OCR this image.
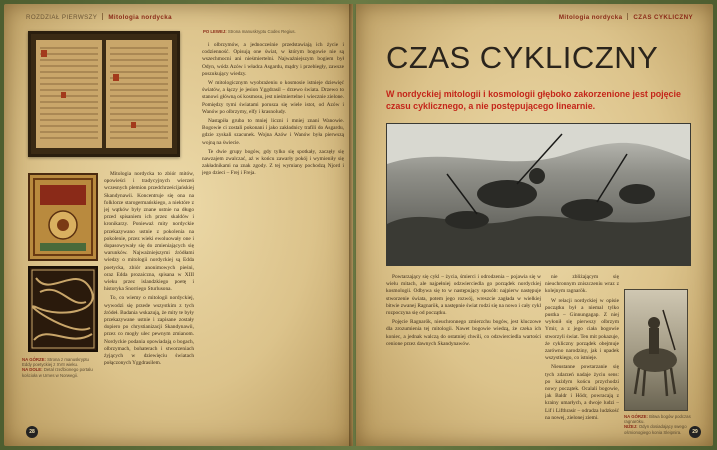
ROZDZIAŁ PIERWSZY Mitologia nordycka
PO LEWEJ: Strona manuskryptu Codex Regius.
NA GÓRZE: Strona z manuskryptu Eddy poetyckiej z XVII wieku.
NA DOLE: Detal rzeźbionego portalu kościoła w Urnes w Norwegii.

Mitologia nordycka to zbiór mitów, opowieści i tradycyjnych wierzeń wczesnych plemion przedchrześcijańskiej Skandynawii. Koncentruje się ona na folklorze starogermańskiego, a niektóre z jej wątków były znane ustnie na długo przed spisaniem ich przez skaldów i kronikarzy. Ponieważ mity nordyckie przekazywano ustnie z pokolenia na pokolenie, przez wieki ewoluowały one i dopasowywały się do zmieniających się warunków. Najważniejszymi źródłami wiedzy o mitologii nordyckiej są Edda poetycka, zbiór anonimowych pieśni, oraz Edda prozaiczna, spisana w XIII wieku przez islandzkiego poetę i historyka Snorriego Sturlusona.

To, co wiemy o mitologii nordyckiej, wywodzi się przede wszystkim z tych źródeł. Badania wskazują, że mity te były przekazywane ustnie i zapisane zostały dopiero po chrystianizacji Skandynawii, przez co mogły ulec pewnym zmianom. Nordyckie podania opowiadają o bogach, olbrzymach, bohaterach i stworzeniach żyjących w dziewięciu światach połączonych Yggdrasilem.

i olbrzymów, a jednocześnie przedstawiają ich życie i codzienność. Opisują one świat, w którym bogowie nie są wszechmocni ani nieśmiertelni. Najważniejszym bogiem był Odyn, wódz Azów i władca Asgardu, mądry i przebiegły, zawsze poszukujący wiedzy.

W mitologicznym wyobrażeniu o kosmosie istnieje dziewięć światów, a łączy je jesion Yggdrasil – drzewo świata. Drzewo to stanowi główną oś kosmosu, jest nieśmiertelne i wiecznie zielone. Pomiędzy tymi światami porusza się wiele istot, od Azów i Wanów po olbrzymy, elfy i krasnoludy.

Nastąpiła gruba to mniej liczni i mniej znani Wanowie. Bogowie ci zostali pokonani i jako zakładnicy trafili do Asgardu, gdzie zyskali szacunek. Wojna Azów i Wanów była pierwszą wojną na świecie.

Te dwie grupy bogów, gdy tylko się spotkały, zaczęły się nawzajem zwalczać, aż w końcu zawarły pokój i wymieniły się zakładnikami na znak zgody. Z tej wymiany pochodzą Njord i jego dzieci – Frej i Freja.

28
Mitologia nordycka CZAS CYKLICZNY
CZAS CYKLICZNY
W nordyckiej mitologii i kosmologii głęboko zakorzenione jest pojęcie czasu cyklicznego, a nie postępującego linearnie.

Powtarzający się cykl – życia, śmierci i odrodzenia – pojawia się w wielu mitach, ale najpełniej odzwierciedla go porządek nordyckiej kosmologii. Odbywa się to w następujący sposób: najpierw następuje stworzenie świata, potem jego rozwój, wreszcie zagłada w wielkiej bitwie zwanej Ragnarök, a następnie świat rodzi się na nowo i cały cykl rozpoczyna się od początku.

Pojęcie Ragnarök, nieuchronnego zmierzchu bogów, jest kluczowe dla zrozumienia tej mitologii. Nawet bogowie wiedzą, że czeka ich koniec, a jednak walczą do ostatniej chwili, co odzwierciedla wartości cenione przez dawnych Skandynawów.

nie zbliżającym się nieuchronnym zniszczeniu wraz z kolejnym ragnarök.

W relacji nordyckiej w opisie początku był a niemal tylko pustka – Ginnungagap. Z niej wyłonił się pierwszy olbrzym Ymir, a z jego ciała bogowie stworzyli świat. Ten mit pokazuje, że cykliczny porządek obejmuje zarówno narodziny, jak i upadek wszystkiego, co istnieje.

Nieustanne powtarzanie się tych zdarzeń nadaje życiu sens: po każdym końcu przychodzi nowy początek. Ocalali bogowie, jak Baldr i Hödr, powracają z krainy umarłych, a dwoje ludzi – Lif i Lifthrasir – odradza ludzkość na nowej, zielonej ziemi.	NA GÓRZE: Bitwa bogów podczas ragnaröku.
NIŻEJ: Odyn dosiadający swego ośmionogiego konia Sleipnira.	29
